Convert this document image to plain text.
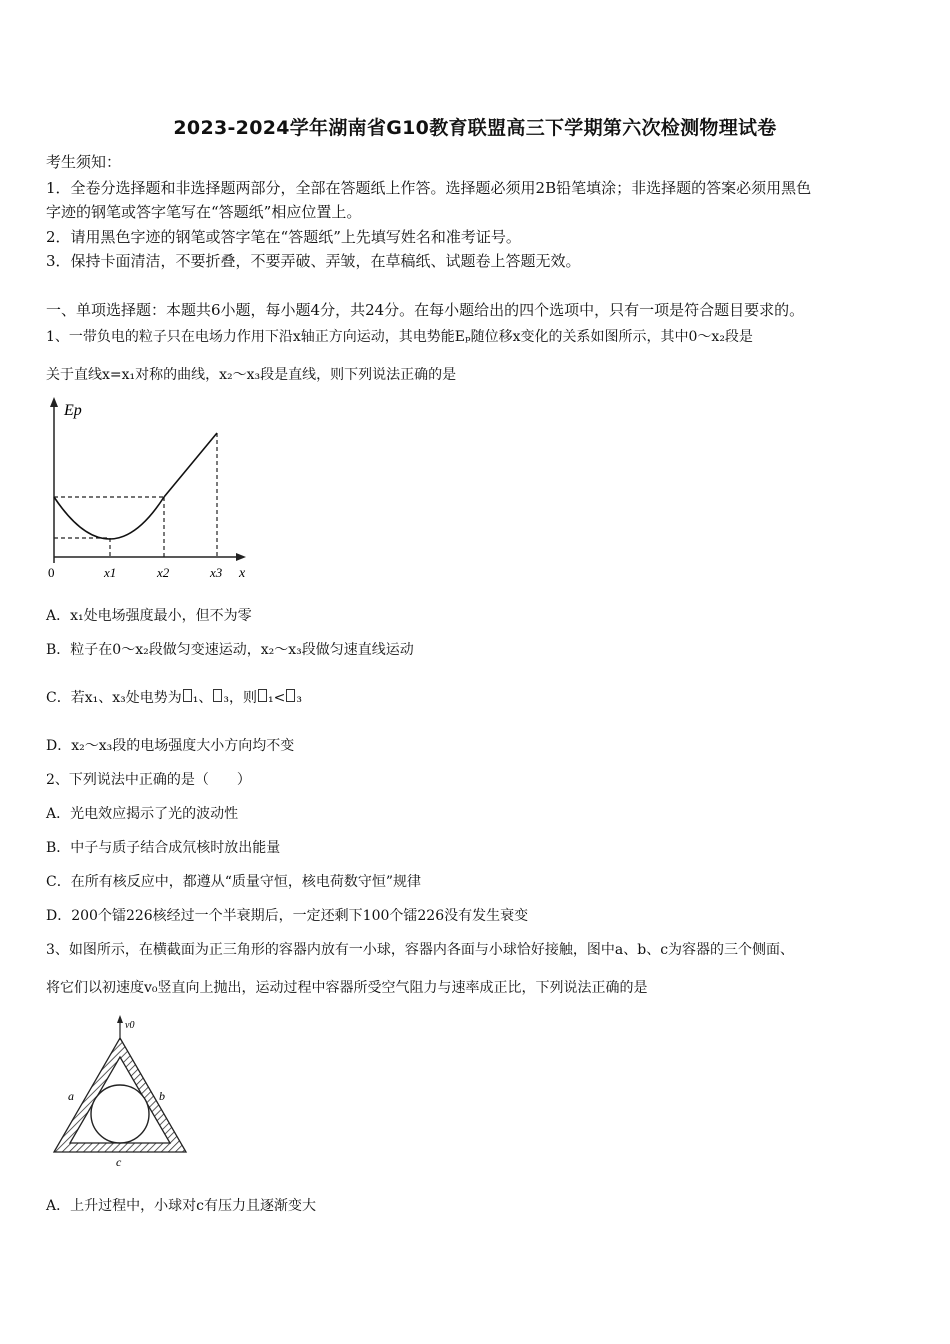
2023-2024学年湖南省G10教育联盟高三下学期第六次检测物理试卷
考生须知：
1．全卷分选择题和非选择题两部分，全部在答题纸上作答。选择题必须用2B铅笔填涂；非选择题的答案必须用黑色
字迹的钢笔或答字笔写在“答题纸”相应位置上。
2．请用黑色字迹的钢笔或答字笔在“答题纸”上先填写姓名和准考证号。
3．保持卡面清洁，不要折叠，不要弄破、弄皱，在草稿纸、试题卷上答题无效。
一、单项选择题：本题共6小题，每小题4分，共24分。在每小题给出的四个选项中，只有一项是符合题目要求的。
1、一带负电的粒子只在电场力作用下沿x轴正方向运动，其电势能Eₚ随位移x变化的关系如图所示，其中0～x₂段是
关于直线x=x₁对称的曲线，x₂～x₃段是直线，则下列说法正确的是
Ep
0	x1	x2	x3 x
A．x₁处电场强度最小，但不为零
B．粒子在0～x₂段做匀变速运动，x₂～x₃段做匀速直线运动
C．若x₁、x₃处电势为 ₁、 ₃，则 ₁< ₃
D．x₂～x₃段的电场强度大小方向均不变
2、下列说法中正确的是（　　）
A．光电效应揭示了光的波动性
B．中子与质子结合成氘核时放出能量
C．在所有核反应中，都遵从“质量守恒，核电荷数守恒”规律
D．200个镭226核经过一个半衰期后，一定还剩下100个镭226没有发生衰变
3、如图所示，在横截面为正三角形的容器内放有一小球，容器内各面与小球恰好接触，图中a、b、c为容器的三个侧面、
将它们以初速度v₀竖直向上抛出，运动过程中容器所受空气阻力与速率成正比，下列说法正确的是
v0
a	b
c
A．上升过程中，小球对c有压力且逐渐变大
